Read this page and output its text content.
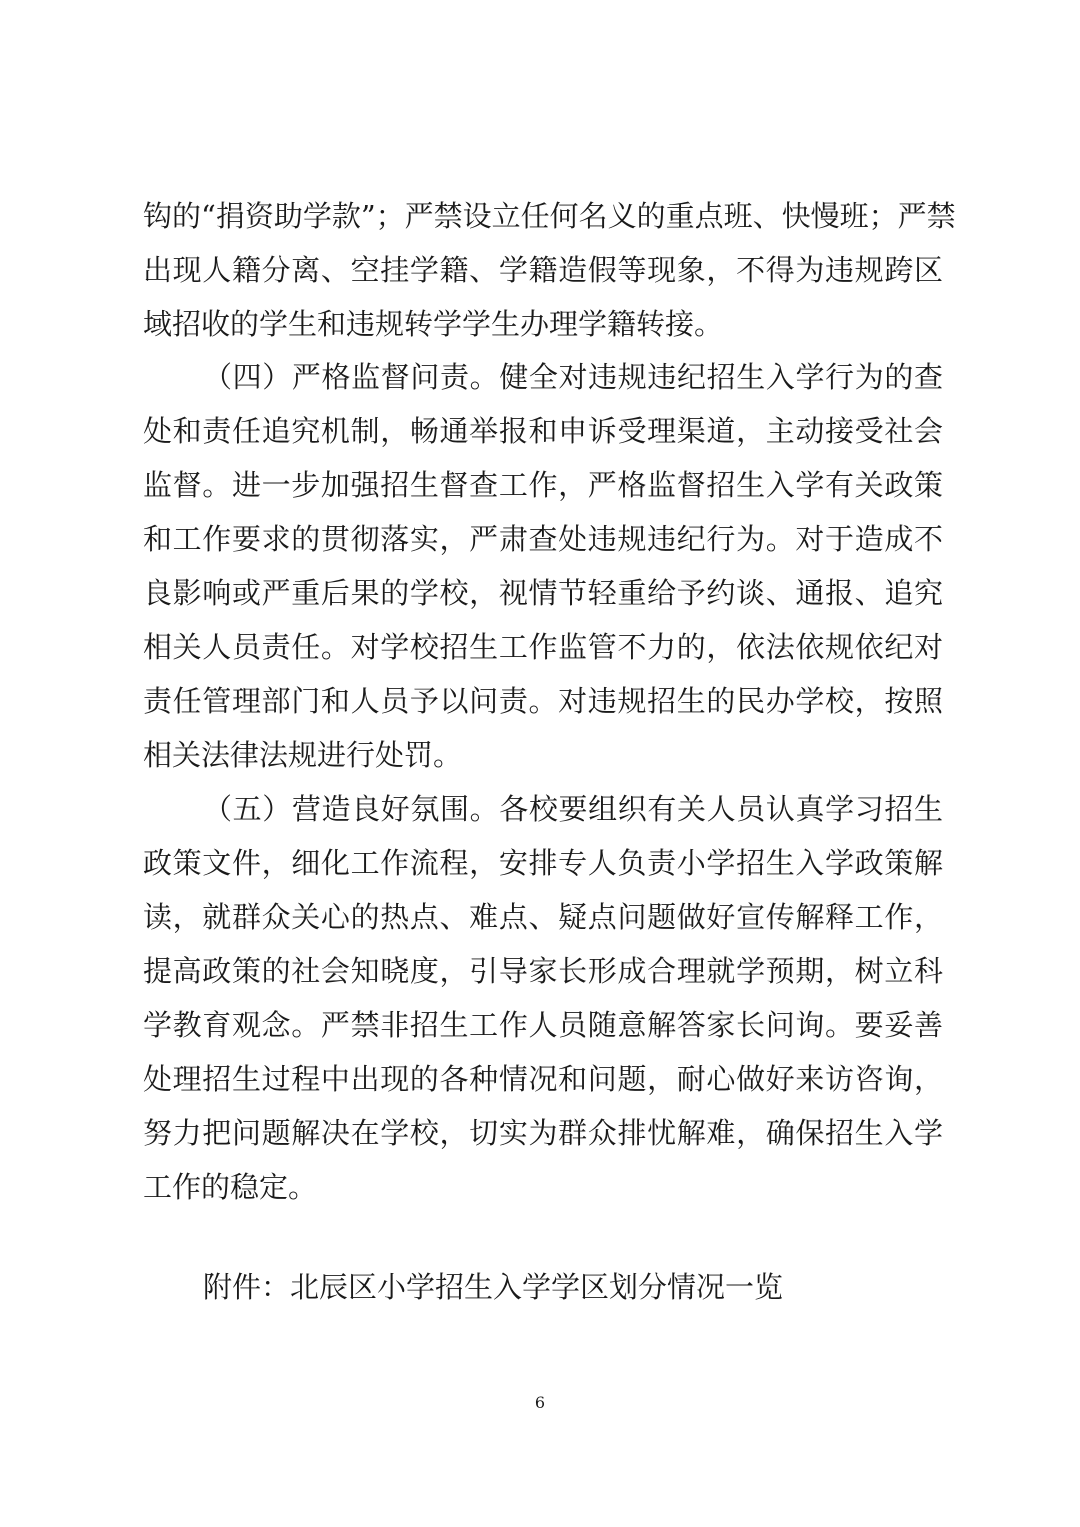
钩的“捐资助学款”；严禁设立任何名义的重点班、快慢班；严禁
出现人籍分离、空挂学籍、学籍造假等现象，不得为违规跨区
域招收的学生和违规转学学生办理学籍转接。
（四）严格监督问责。健全对违规违纪招生入学行为的查
处和责任追究机制，畅通举报和申诉受理渠道，主动接受社会
监督。进一步加强招生督查工作，严格监督招生入学有关政策
和工作要求的贯彻落实，严肃查处违规违纪行为。对于造成不
良影响或严重后果的学校，视情节轻重给予约谈、通报、追究
相关人员责任。对学校招生工作监管不力的，依法依规依纪对
责任管理部门和人员予以问责。对违规招生的民办学校，按照
相关法律法规进行处罚。
（五）营造良好氛围。各校要组织有关人员认真学习招生
政策文件，细化工作流程，安排专人负责小学招生入学政策解
读，就群众关心的热点、难点、疑点问题做好宣传解释工作，
提高政策的社会知晓度，引导家长形成合理就学预期，树立科
学教育观念。严禁非招生工作人员随意解答家长问询。要妥善
处理招生过程中出现的各种情况和问题，耐心做好来访咨询，
努力把问题解决在学校，切实为群众排忧解难，确保招生入学
工作的稳定。
附件：北辰区小学招生入学学区划分情况一览
6
